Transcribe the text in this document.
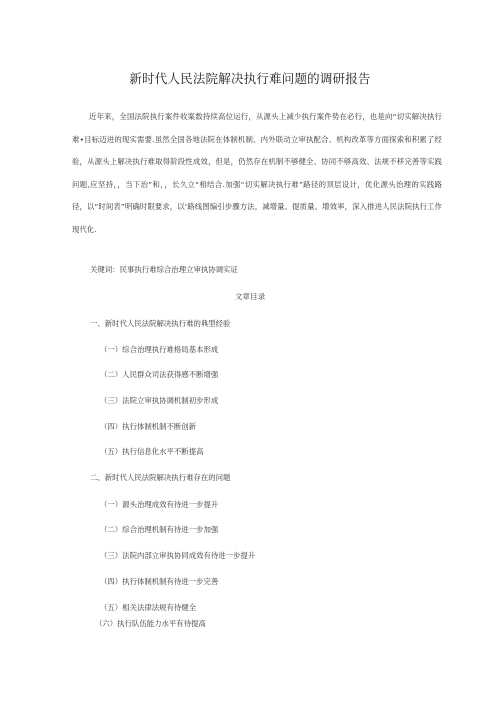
新时代人民法院解决执行难问题的调研报告
近年来，全国法院执行案件收案数持续高位运行，从源头上减少执行案件势在必行，也是向“切实解决执行难•目标迈进的现实需要.虽然全国各地法院在体制机制、内外联动立审执配合、机构改革等方面探索和积累了经验，从源头上解决执行难取得阶段性成效，但是，仍然存在机制不够健全、协同不够高效、法规不移完善等实践问题,应坚持，，当下治”和，，长久立“相结合.加强“切实解决执行难”路径的顶层设计，优化源头治理的实践路径，以“时间表”明确时限要求，以‘路线图编引步骤方法，减增量、提质量、增效率，深入推进人民法院执行工作现代化.
关键词：民事执行难综合治理立审执协调实证
文章目录
一、新时代人民法院解决执行难的典型经验
（一）综合治理执行难格局基本形成
（二）人民群众司法获得感不断增强
（三）法院立审执协调机制初步形成
（四）执行体制机制不断创新
（五）执行信息化水平不断提高
二、新时代人民法院解决执行难存在的问题
（一）源头治理成效有待进一步提升
（二）综合治理机制有待进一步加强
（三）法院内部立审执协同成效有待进一步提升
（四）执行体制机制有待进一步完善
（五）相关法律法规有待健全
（六）执行队伍能力水平有待提高
